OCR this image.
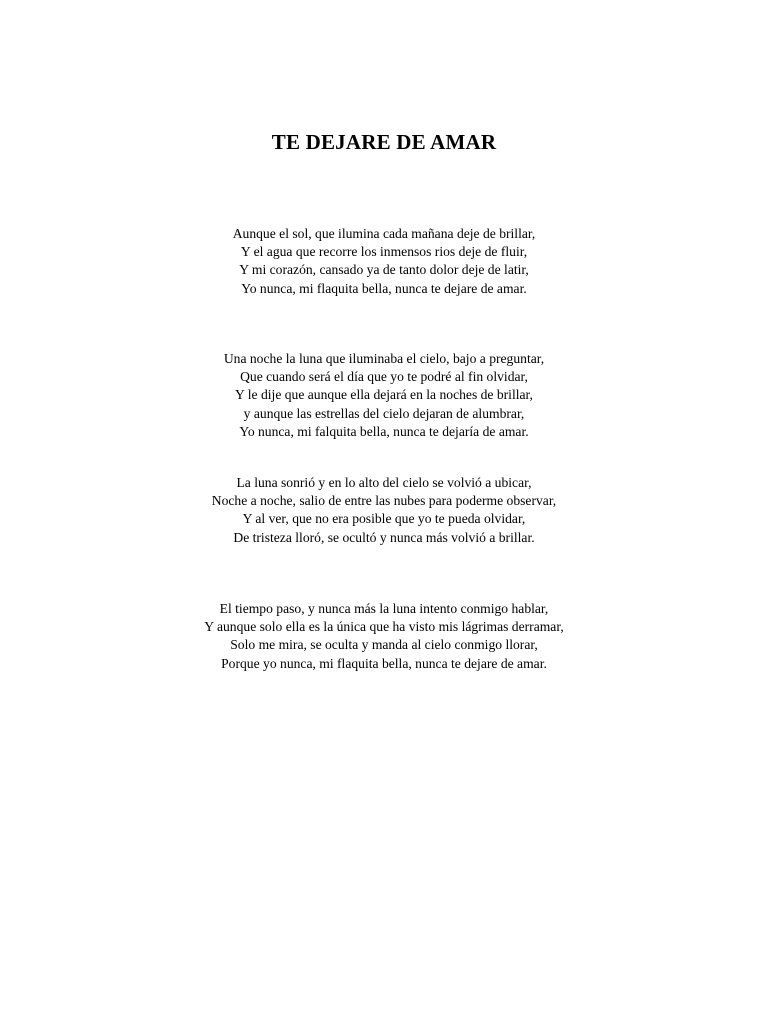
TE DEJARE DE AMAR
Aunque el sol, que ilumina cada mañana deje de brillar,
Y el agua que recorre los inmensos rios deje de fluir,
Y mi corazón, cansado ya de tanto dolor deje de latir,
Yo nunca, mi flaquita bella, nunca te dejare de amar.
Una noche la luna que iluminaba el cielo, bajo a preguntar,
Que cuando será el día que yo te podré al fin olvidar,
Y le dije que aunque ella dejará en la noches de brillar,
y aunque las estrellas del cielo dejaran de alumbrar,
Yo nunca, mi falquita bella, nunca te dejaría de amar.
La luna sonrió y en lo alto del cielo se volvió a ubicar,
Noche a noche, salio de entre las nubes para poderme observar,
Y al ver, que no era posible que yo te pueda olvidar,
De tristeza lloró, se ocultó y nunca más volvió a brillar.
El tiempo paso, y nunca más la luna intento conmigo hablar,
Y aunque solo ella es la única que ha visto mis lágrimas derramar,
Solo me mira, se oculta y manda al cielo conmigo llorar,
Porque yo nunca, mi flaquita bella, nunca te dejare de amar.
